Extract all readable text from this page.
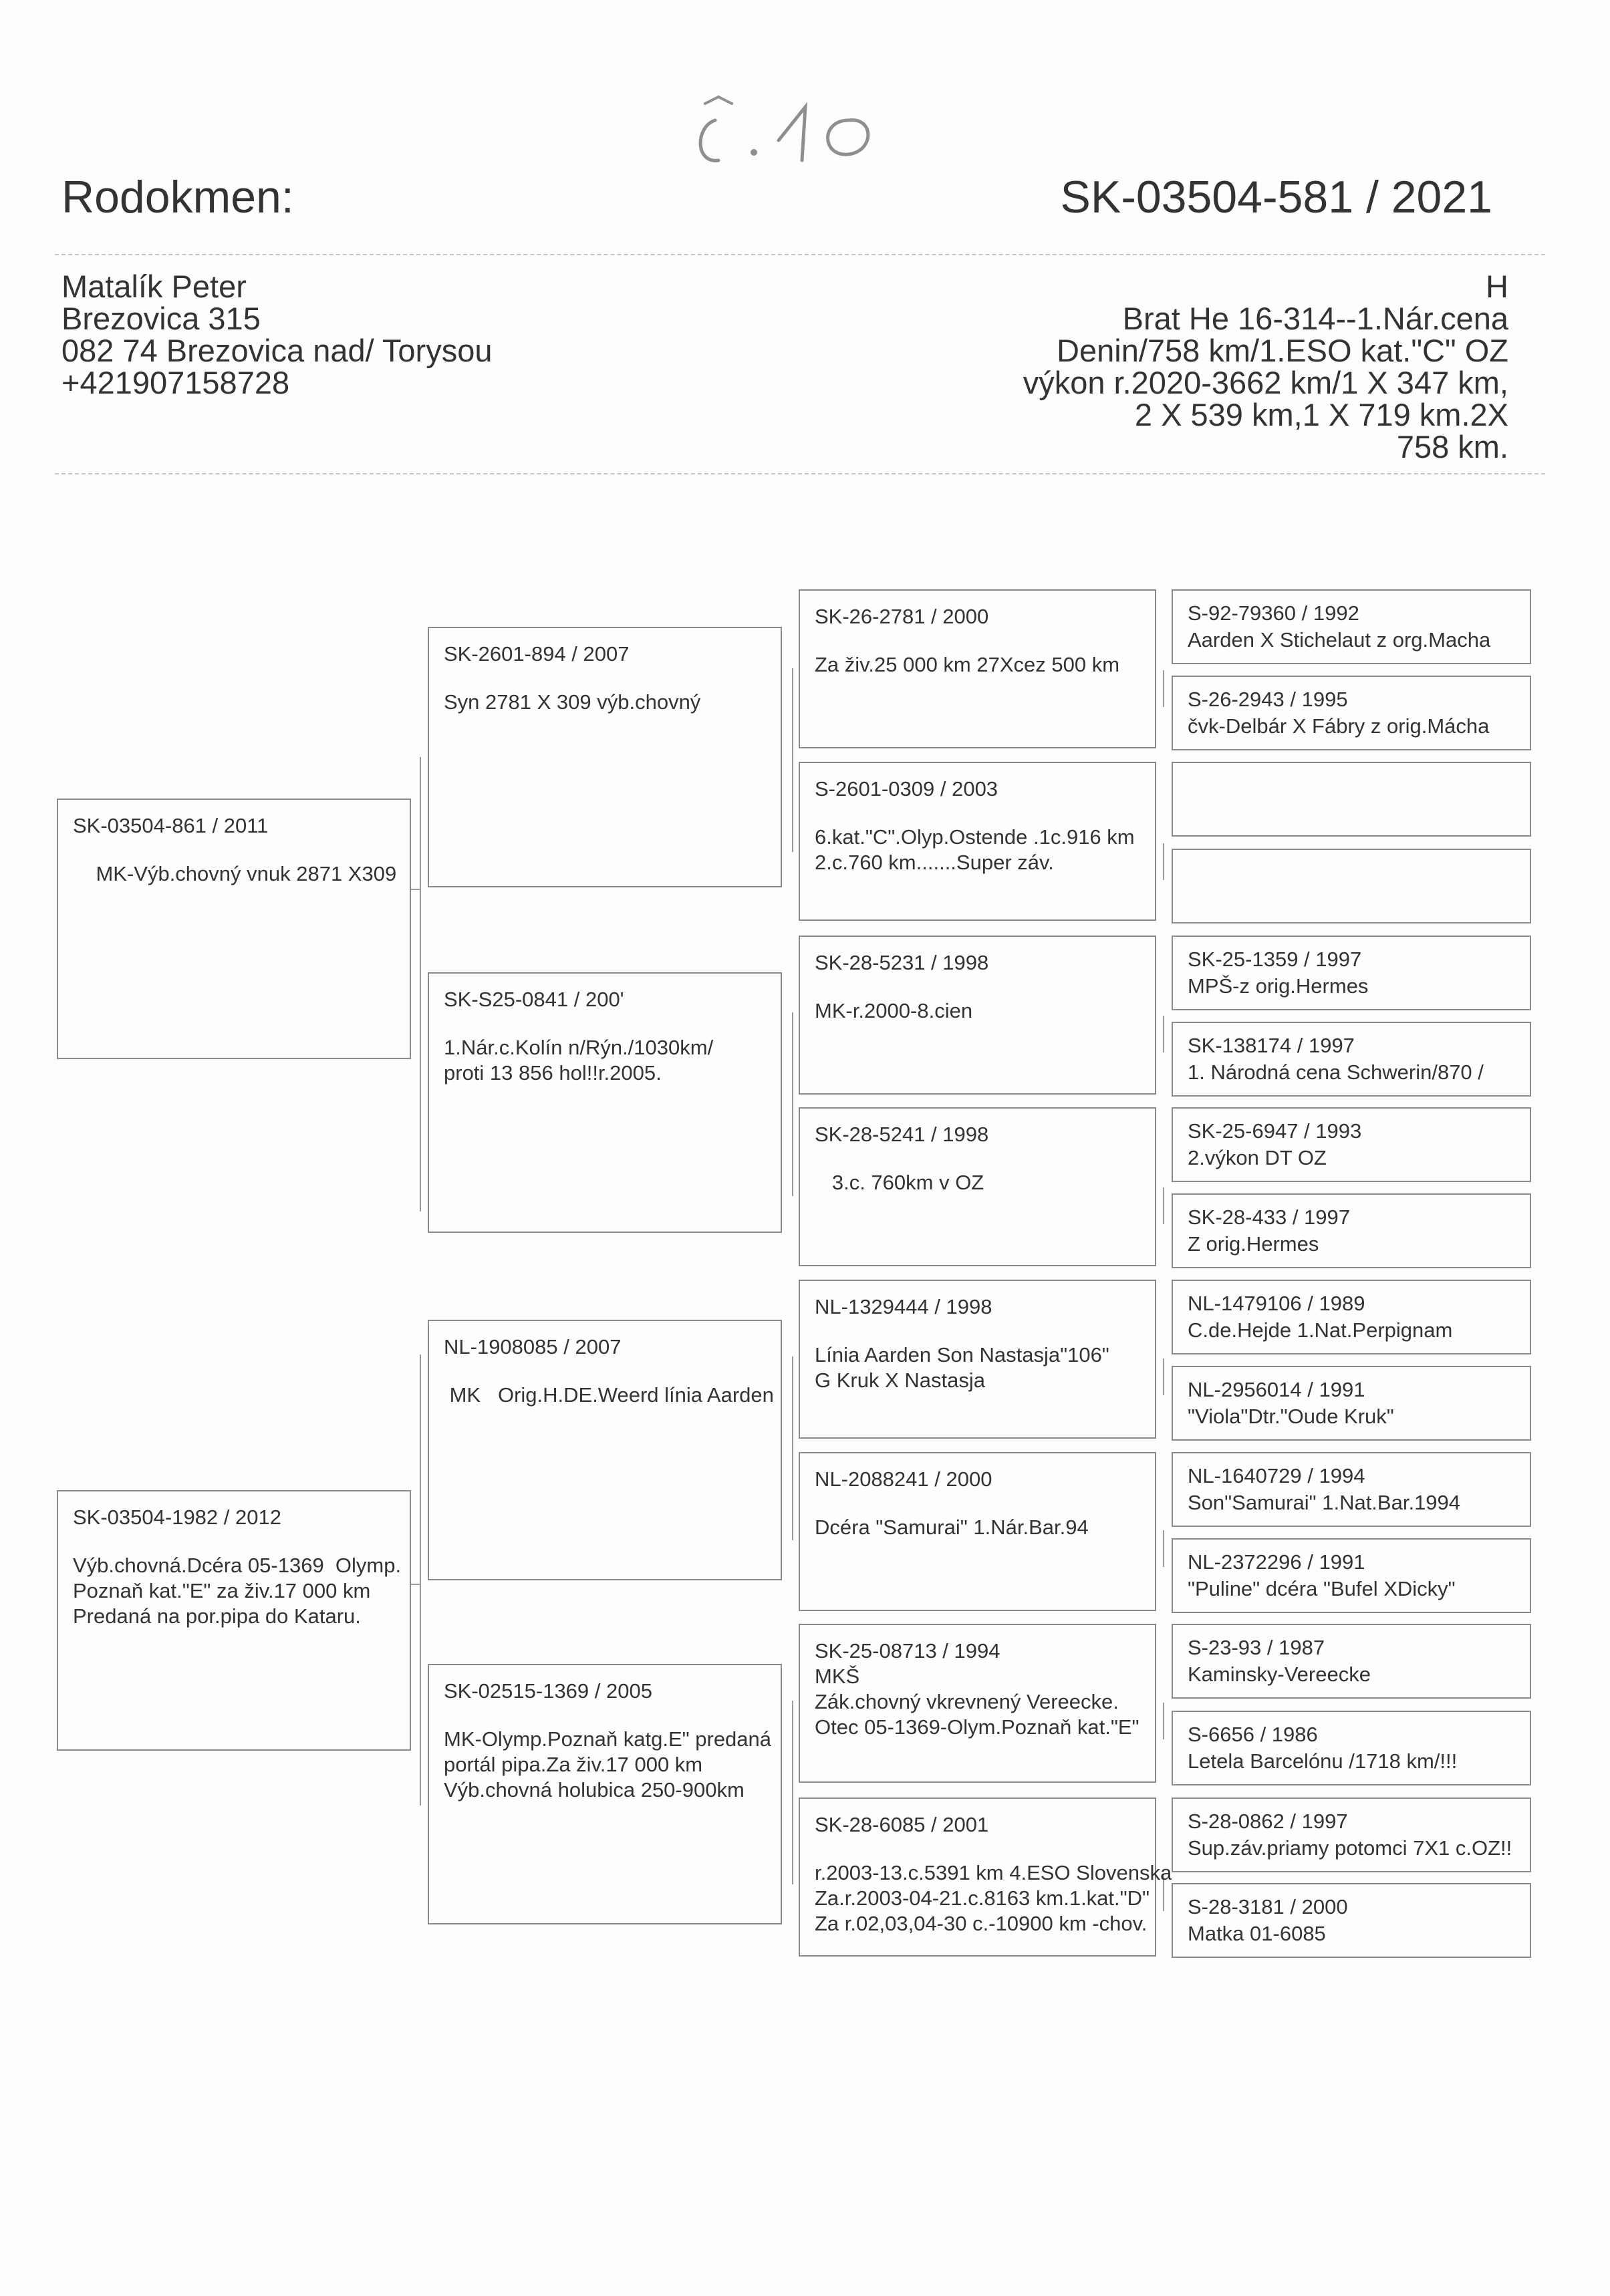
Rodokmen:	SK-03504-581 / 2021
Matalík Peter
Brezovica 315
082 74 Brezovica nad/ Torysou
+421907158728
H
Brat He 16-314--1.Nár.cena
Denin/758 km/1.ESO kat."C" OZ
výkon r.2020-3662 km/1 X 347 km,
2 X 539 km,1 X 719 km.2X
758 km.
SK-03504-861 / 2011
MK-Výb.chovný vnuk 2871 X309
SK-03504-1982 / 2012
Výb.chovná.Dcéra 05-1369  Olymp.
Poznaň kat."E" za živ.17 000 km
Predaná na por.pipa do Kataru.
SK-2601-894 / 2007
Syn 2781 X 309 výb.chovný
SK-S25-0841 / 200'
1.Nár.c.Kolín n/Rýn./1030km/
proti 13 856 hol!!r.2005.
NL-1908085 / 2007
MK   Orig.H.DE.Weerd línia Aarden
SK-02515-1369 / 2005
MK-Olymp.Poznaň katg.E" predaná
portál pipa.Za živ.17 000 km
Výb.chovná holubica 250-900km
SK-26-2781 / 2000
Za živ.25 000 km 27Xcez 500 km
S-2601-0309 / 2003
6.kat."C".Olyp.Ostende .1c.916 km
2.c.760 km.......Super záv.
SK-28-5231 / 1998
MK-r.2000-8.cien
SK-28-5241 / 1998
3.c. 760km v OZ
NL-1329444 / 1998
Línia Aarden Son Nastasja"106"
G Kruk X Nastasja
NL-2088241 / 2000
Dcéra "Samurai" 1.Nár.Bar.94
SK-25-08713 / 1994
MKŠ
Zák.chovný vkrevnený Vereecke.
Otec 05-1369-Olym.Poznaň kat."E"
SK-28-6085 / 2001
r.2003-13.c.5391 km 4.ESO Slovenska
Za.r.2003-04-21.c.8163 km.1.kat."D"
Za r.02,03,04-30 c.-10900 km -chov.
S-92-79360 / 1992
Aarden X Stichelaut z org.Macha
S-26-2943 / 1995
čvk-Delbár X Fábry z orig.Mácha
SK-25-1359 / 1997
MPŠ-z orig.Hermes
SK-138174 / 1997
1. Národná cena Schwerin/870 /
SK-25-6947 / 1993
2.výkon DT OZ
SK-28-433 / 1997
Z orig.Hermes
NL-1479106 / 1989
C.de.Hejde 1.Nat.Perpignam
NL-2956014 / 1991
"Viola"Dtr."Oude Kruk"
NL-1640729 / 1994
Son"Samurai" 1.Nat.Bar.1994
NL-2372296 / 1991
"Puline" dcéra "Bufel XDicky"
S-23-93 / 1987
Kaminsky-Vereecke
S-6656 / 1986
Letela Barcelónu /1718 km/!!!
S-28-0862 / 1997
Sup.záv.priamy potomci 7X1 c.OZ!!
S-28-3181 / 2000
Matka 01-6085
